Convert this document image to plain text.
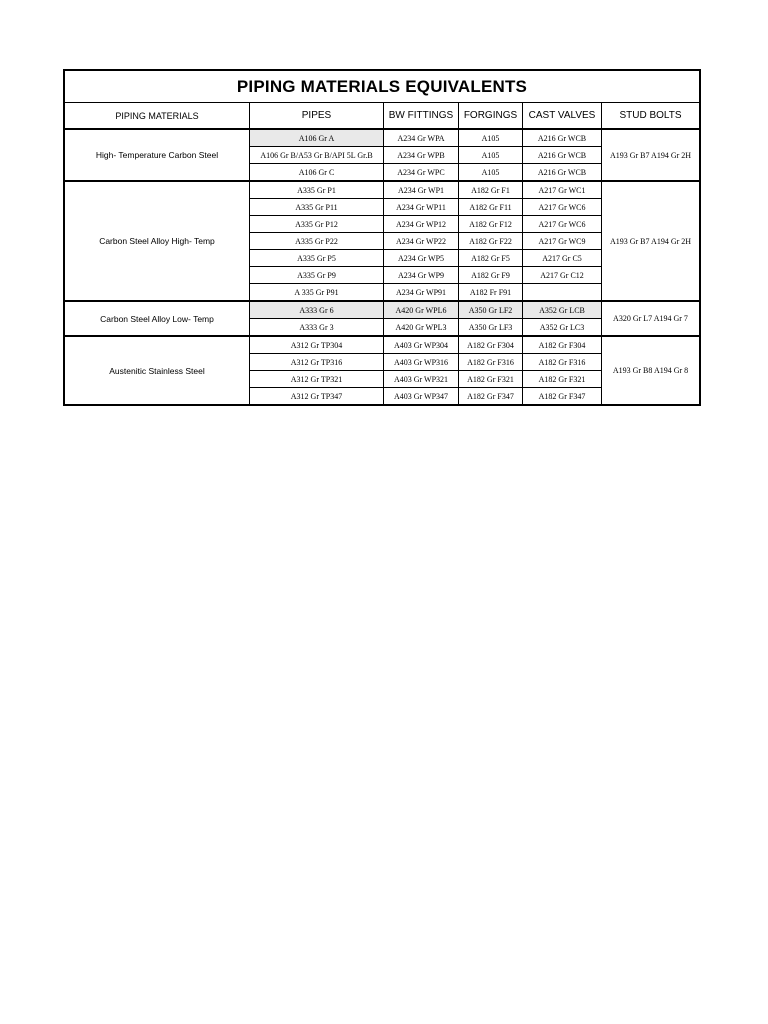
PIPING MATERIALS EQUIVALENTS					
PIPING MATERIALS	PIPES	BW FITTINGS	FORGINGS	CAST VALVES	STUD BOLTS
High- Temperature Carbon Steel	A106 Gr A	A234 Gr WPA	A105	A216 Gr WCB	A193 Gr B7 A194 Gr 2H
	A106 Gr B/A53 Gr B/API 5L Gr.B	A234 Gr WPB	A105	A216 Gr WCB	
	A106 Gr C	A234 Gr WPC	A105	A216 Gr WCB	
Carbon Steel Alloy High- Temp	A335 Gr P1	A234 Gr WP1	A182 Gr F1	A217 Gr WC1	A193 Gr B7 A194 Gr 2H
	A335 Gr P11	A234 Gr WP11	A182 Gr F11	A217 Gr WC6	
	A335 Gr P12	A234 Gr WP12	A182 Gr F12	A217 Gr WC6	
	A335 Gr P22	A234 Gr WP22	A182 Gr F22	A217 Gr WC9	
	A335 Gr P5	A234 Gr WP5	A182 Gr F5	A217 Gr C5	
	A335 Gr P9	A234 Gr WP9	A182 Gr F9	A217 Gr C12	
	A 335 Gr P91	A234 Gr WP91	A182 Fr F91		
Carbon Steel Alloy Low- Temp	A333 Gr 6	A420 Gr WPL6	A350 Gr LF2	A352 Gr LCB	A320 Gr L7 A194 Gr 7
	A333 Gr 3	A420 Gr WPL3	A350 Gr LF3	A352 Gr LC3	
Austenitic Stainless Steel	A312 Gr TP304	A403 Gr WP304	A182 Gr F304	A182 Gr F304	A193 Gr B8 A194 Gr 8
	A312 Gr TP316	A403 Gr WP316	A182 Gr F316	A182 Gr F316	
	A312 Gr TP321	A403 Gr WP321	A182 Gr F321	A182 Gr F321	
	A312 Gr TP347	A403 Gr WP347	A182 Gr F347	A182 Gr F347	
